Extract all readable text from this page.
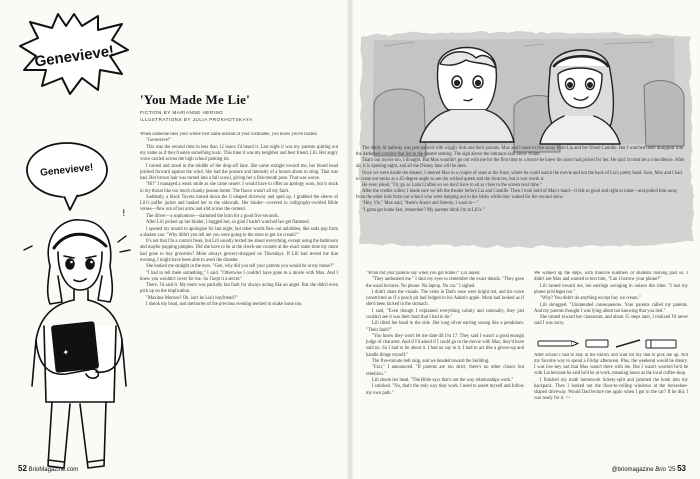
Genevieve!
Genevieve!
✦
!
'You Made Me Lie'
FICTION BY MARIANNE HERING
ILLUSTRATIONS BY JULIA PROKHOTSKAYA

When someone uses your whole first name instead of your nickname, you know you're busted.

"Genevieve!"

This was the second time in less than 12 hours I'd heard it. Last night it was my parents spitting out my name as if they'd eaten something toxic. This time it was my neighbor and best friend, Lili. Her angry voice carried across the high school parking lot.

I turned and stood in the middle of the drop-off lane. She came straight toward me, her blond head pitched forward against the wind. She had the posture and intensity of a hornet about to sting. That was bad. Her brown hair was turned into a full scowl, giving her a fish-mouth pose. That was worse.

"Hi!" I managed a weak smile as she came nearer. I would have to offer an apology soon, but it stuck in my throat like too much chunky peanut butter. The fiasco wasn't all my fault.

Suddenly, a black Toyota turned down the U-shaped driveway and sped up. I grabbed the sleeve of Lili's puffer jacket and hauled her to the sidewalk. Her binder—covered in calligraphy-swirled Bible verses—flew out of her arms and slid across the cement.

The driver—a sophomore—slammed the horn for a good five seconds.

After Lili picked up her binder, I hugged her, so glad I hadn't watched her get flattened.

I opened my mouth to apologize for last night, but other words flew out unbidden, like soda pop from a shaken can: "Why didn't you tell me you were going to the store to get ice cream?"

It's not that I'm a control freak, but Lili usually texted me about everything, except using the bathroom and maybe popping pimples. Did she have to be at the check-out counter at the exact same time my mom had gone to buy groceries? Mom always grocery-shopped on Thursdays. If Lili had texted me that evening, I might have been able to avert the disaster.

She looked me straight in the eyes. "Gen, why did you tell your parents you would be at my house?"

"I had to tell them something," I said. "Otherwise I couldn't have gone to a movie with Max. And I knew you wouldn't cover for me. So I kept it a secret."

There, I'd said it. My mom was partially but fault for always acting like an angel. But she didn't even pick up on the implication.

"Maxime Monroe? Oh, isn't he Lia's boyfriend?"

I shook my head, and memories of the previous evening seemed to shake loose too.

52 BrioMagazine.com

The dimly lit hallway was jam-packed with wiggly kids and their parents. Max and I were in five away from Lia and her friend Camille. But I watched them disappear into the darkened corridor that led to the theater seating. The sign above the entrance said Snow White.

That's our movie too, I thought. But Max wouldn't go out with me for the first time to a movie he knew his sister had picked for her. He said. It must be a coincidence. After all, it is opening night, and all the Disney fans will be here.

Once we were inside the theater, I steered Max to a couple of seats at the front, where he could watch the movie and not the back of Lia's pretty head. Sure, Max and I had to crane our necks at a 45-degree angle to see the wicked queen and the dwarves, but it was worth it.

He even joked, "Or, go so Lana Crafton so we don't have to sit as close to the screen next time."

After the credits rolled, I made sure we left the theater before Lia and Camille. Then I took hold of Max's hand—it felt so good and right to mine—and pulled him away from the other kids from our school who were hanging out in the lobby while they waited for the second show.

"Hey, Vie," Max said, "there's Anore and Jeremy. I want to—"

"I gotta get home fast, remember? My parents think I'm at Lili's."

"What did your parents say when you got home?" Lili asked.

"They ambushed me." I shut my eyes to remember the exact details. "They gave the usual lectures. No phone. No laptop. No car." I sighed.

I didn't share the visuals. The veins in Dad's nose were bright red, and his voice constricted as if a peach pit had lodged in his Adam's apple. Mom had looked as if she'd been kicked in the stomach.

I said, "Even though I explained everything calmly and rationally, they just couldn't see it was their fault that I had to lie."

Lili tilted her head to the side. Her long silver earring swung like a pendulum. "Their fault?"

"You know they won't let me date till I'm 17. They said I wasn't a good enough judge of character. And if I'd asked if I could go to the movie with Max, they'd have said no. So I had to lie about it. I had no say in it. I had to act like a grown-up and handle things myself."

The five-minute bell rang, and we headed toward the building.

"Fact," I announced. "If parents are too strict, there's no other choice but rebellion."

Lili shook her head. "The Bible says that's not the way relationships work."

I smirked. "No, that's the only way they work. I need to assert myself and follow my own path."

We walked up the steps, with massive numbers of students rushing past us. I didn't see Max and wanted to text him, "Can I borrow your phone?"

Lili turned toward me, her earrings swinging in unison this time. "I lost my phone privileges too."

"Why? You didn't do anything except buy ice cream."

Lili shrugged. "Unintended consequences. Your parents called my parents. And my parents thought I was lying about not knowing that you lied."

She turned toward her classroom, and about 15 steps later, I realized I'd never said I was sorry.

After school I had to stay in the library and wait for my dad to pick me up. Not my favorite way to spend a Friday afternoon. Plus, the weekend would be dreary. I was low-key sad that Max wasn't there with me. But I wasn't worried he'd be with Lia because he said he'd be at work, meaning hours as the local coffee shop.

I finished my math homework lickety-split and jammed the book into my backpack. Then I looked out the floor-to-ceiling windows at the horseshoe-shaped driveway. Would Dad lecture me again when I got in the car? If he did, I was ready for it. >>

@briomagazine Brio '25 53
